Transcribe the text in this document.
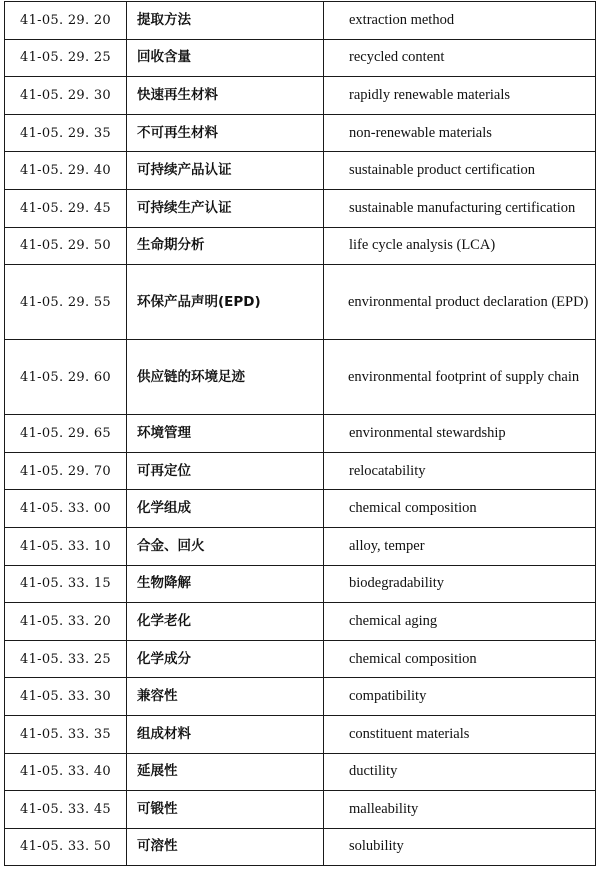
41-05. 29. 20	提取方法	extraction method
41-05. 29. 25	回收含量	recycled content
41-05. 29. 30	快速再生材料	rapidly renewable materials
41-05. 29. 35	不可再生材料	non-renewable materials
41-05. 29. 40	可持续产品认证	sustainable product certification
41-05. 29. 45	可持续生产认证	sustainable manufacturing certification
41-05. 29. 50	生命期分析	life cycle analysis (LCA)
41-05. 29. 55	环保产品声明(EPD)	environmental product declaration (EPD)
41-05. 29. 60	供应链的环境足迹	environmental footprint of supply chain
41-05. 29. 65	环境管理	environmental stewardship
41-05. 29. 70	可再定位	relocatability
41-05. 33. 00	化学组成	chemical composition
41-05. 33. 10	合金、回火	alloy, temper
41-05. 33. 15	生物降解	biodegradability
41-05. 33. 20	化学老化	chemical aging
41-05. 33. 25	化学成分	chemical composition
41-05. 33. 30	兼容性	compatibility
41-05. 33. 35	组成材料	constituent materials
41-05. 33. 40	延展性	ductility
41-05. 33. 45	可锻性	malleability
41-05. 33. 50	可溶性	solubility
